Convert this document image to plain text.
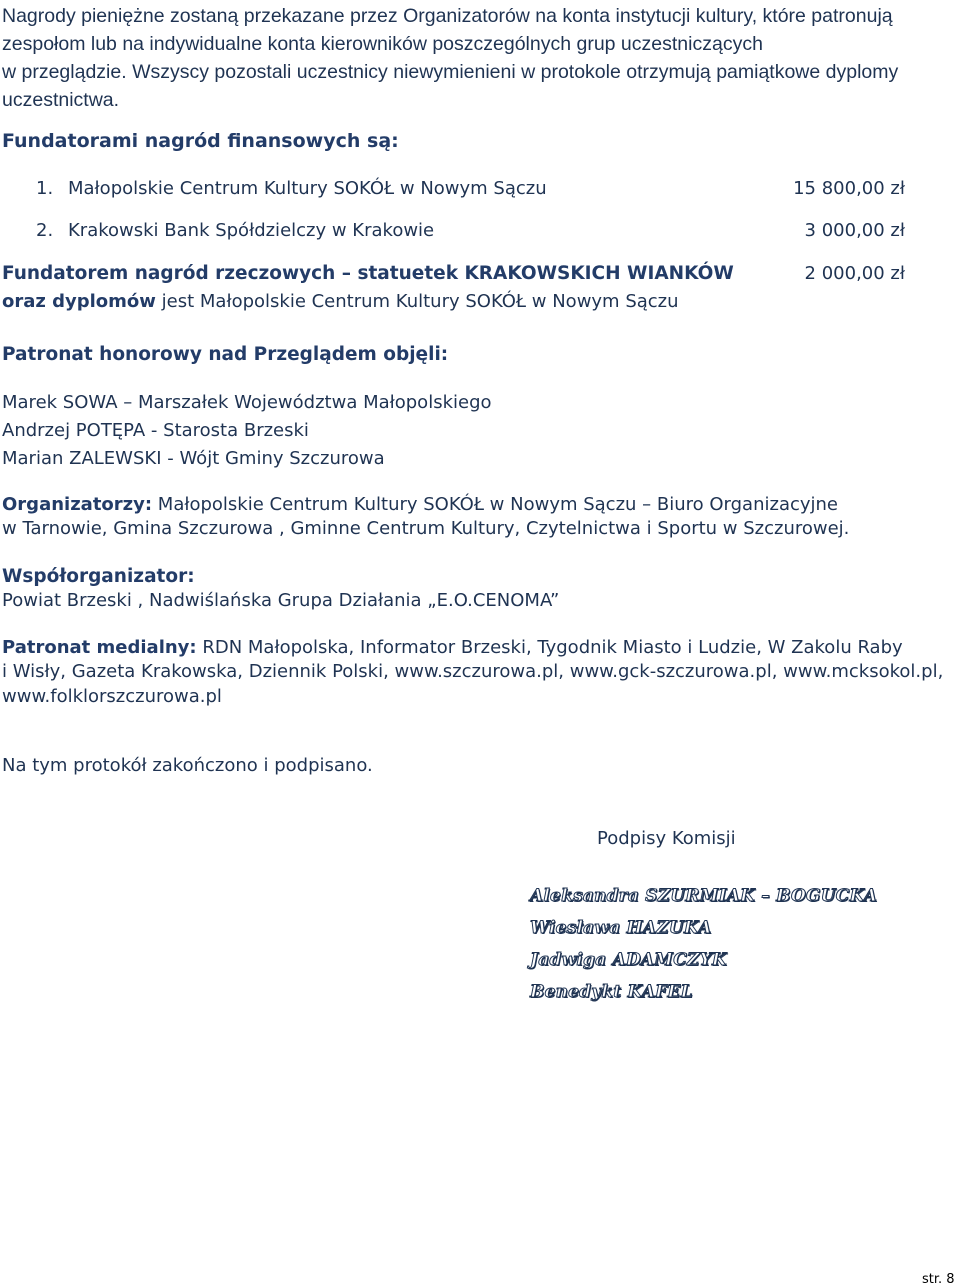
Nagrody pieniężne zostaną przekazane przez Organizatorów na konta instytucji kultury, które patronują
zespołom lub na indywidualne konta kierowników poszczególnych grup uczestniczących
w przeglądzie. Wszyscy pozostali uczestnicy niewymienieni w protokole otrzymują pamiątkowe dyplomy
uczestnictwa.
Fundatorami nagród finansowych są:
1. Małopolskie Centrum Kultury SOKÓŁ w Nowym Sączu	15 800,00 zł
2. Krakowski Bank Spółdzielczy w Krakowie	3 000,00 zł
Fundatorem nagród rzeczowych – statuetek KRAKOWSKICH WIANKÓW	2 000,00 zł
oraz dyplomów jest Małopolskie Centrum Kultury SOKÓŁ w Nowym Sączu
Patronat honorowy nad Przeglądem objęli:
Marek SOWA – Marszałek Województwa Małopolskiego
Andrzej POTĘPA - Starosta Brzeski
Marian ZALEWSKI - Wójt Gminy Szczurowa
Organizatorzy: Małopolskie Centrum Kultury SOKÓŁ w Nowym Sączu – Biuro Organizacyjne
w Tarnowie, Gmina Szczurowa , Gminne Centrum Kultury, Czytelnictwa i Sportu w Szczurowej.
Współorganizator:
Powiat Brzeski , Nadwiślańska Grupa Działania „E.O.CENOMA”
Patronat medialny: RDN Małopolska, Informator Brzeski, Tygodnik Miasto i Ludzie, W Zakolu Raby
i Wisły, Gazeta Krakowska, Dziennik Polski, www.szczurowa.pl, www.gck-szczurowa.pl, www.mcksokol.pl,
www.folklorszczurowa.pl
Na tym protokół zakończono i podpisano.
Podpisy Komisji
Aleksandra SZURMIAK – BOGUCKA
Wiesława HAZUKA
Jadwiga ADAMCZYK
Benedykt KAFEL
str. 8
